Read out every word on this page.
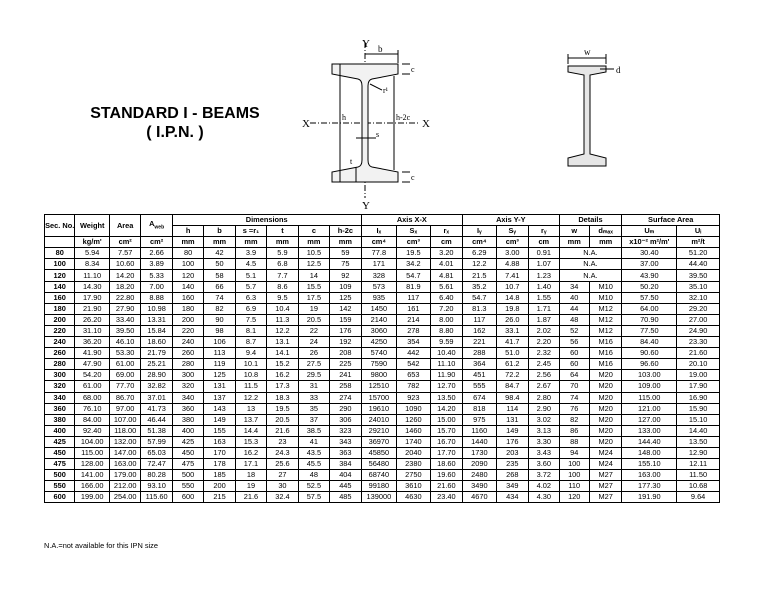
STANDARD I - BEAMS
( I.P.N. )
Y
Y
X	X
b
c
c
r¹
h	h-2c
s
t
w
d
Sec. No.	Weight	Area	$A_{web}$	Dimensions						Axis X-X			Axis Y-Y			Details		Surface Area	
				h	b	s =r₁	t	c	h-2c	Iₓ	Sₓ	rₓ	Iᵧ	Sᵧ	rᵧ	w	dₘₐₓ	Uₘ	Uᵢ
	kg/m'	cm²	cm²	mm	mm	mm	mm	mm	mm	cm⁴	cm³	cm	cm⁴	cm³	cm	mm	mm	x10⁻² m²/m'	m²/t
80	5.94	7.57	2.66	80	42	3.9	5.9	10.5	59	77.8	19.5	3.20	6.29	3.00	0.91	N.A.		30.40	51.20
100	8.34	10.60	3.89	100	50	4.5	6.8	12.5	75	171	34.2	4.01	12.2	4.88	1.07	N.A.		37.00	44.40
120	11.10	14.20	5.33	120	58	5.1	7.7	14	92	328	54.7	4.81	21.5	7.41	1.23	N.A.		43.90	39.50
140	14.30	18.20	7.00	140	66	5.7	8.6	15.5	109	573	81.9	5.61	35.2	10.7	1.40	34	M10	50.20	35.10
160	17.90	22.80	8.88	160	74	6.3	9.5	17.5	125	935	117	6.40	54.7	14.8	1.55	40	M10	57.50	32.10
180	21.90	27.90	10.98	180	82	6.9	10.4	19	142	1450	161	7.20	81.3	19.8	1.71	44	M12	64.00	29.20
200	26.20	33.40	13.31	200	90	7.5	11.3	20.5	159	2140	214	8.00	117	26.0	1.87	48	M12	70.90	27.00
220	31.10	39.50	15.84	220	98	8.1	12.2	22	176	3060	278	8.80	162	33.1	2.02	52	M12	77.50	24.90
240	36.20	46.10	18.60	240	106	8.7	13.1	24	192	4250	354	9.59	221	41.7	2.20	56	M16	84.40	23.30
260	41.90	53.30	21.79	260	113	9.4	14.1	26	208	5740	442	10.40	288	51.0	2.32	60	M16	90.60	21.60
280	47.90	61.00	25.21	280	119	10.1	15.2	27.5	225	7590	542	11.10	364	61.2	2.45	60	M16	96.60	20.10
300	54.20	69.00	28.90	300	125	10.8	16.2	29.5	241	9800	653	11.90	451	72.2	2.56	64	M20	103.00	19.00
320	61.00	77.70	32.82	320	131	11.5	17.3	31	258	12510	782	12.70	555	84.7	2.67	70	M20	109.00	17.90
340	68.00	86.70	37.01	340	137	12.2	18.3	33	274	15700	923	13.50	674	98.4	2.80	74	M20	115.00	16.90
360	76.10	97.00	41.73	360	143	13	19.5	35	290	19610	1090	14.20	818	114	2.90	76	M20	121.00	15.90
380	84.00	107.00	46.44	380	149	13.7	20.5	37	306	24010	1260	15.00	975	131	3.02	82	M20	127.00	15.10
400	92.40	118.00	51.38	400	155	14.4	21.6	38.5	323	29210	1460	15.70	1160	149	3.13	86	M20	133.00	14.40
425	104.00	132.00	57.99	425	163	15.3	23	41	343	36970	1740	16.70	1440	176	3.30	88	M20	144.40	13.50
450	115.00	147.00	65.03	450	170	16.2	24.3	43.5	363	45850	2040	17.70	1730	203	3.43	94	M24	148.00	12.90
475	128.00	163.00	72.47	475	178	17.1	25.6	45.5	384	56480	2380	18.60	2090	235	3.60	100	M24	155.10	12.11
500	141.00	179.00	80.28	500	185	18	27	48	404	68740	2750	19.60	2480	268	3.72	100	M27	163.00	11.50
550	166.00	212.00	93.10	550	200	19	30	52.5	445	99180	3610	21.60	3490	349	4.02	110	M27	177.30	10.68
600	199.00	254.00	115.60	600	215	21.6	32.4	57.5	485	139000	4630	23.40	4670	434	4.30	120	M27	191.90	9.64
N.A.=not available for this IPN size
